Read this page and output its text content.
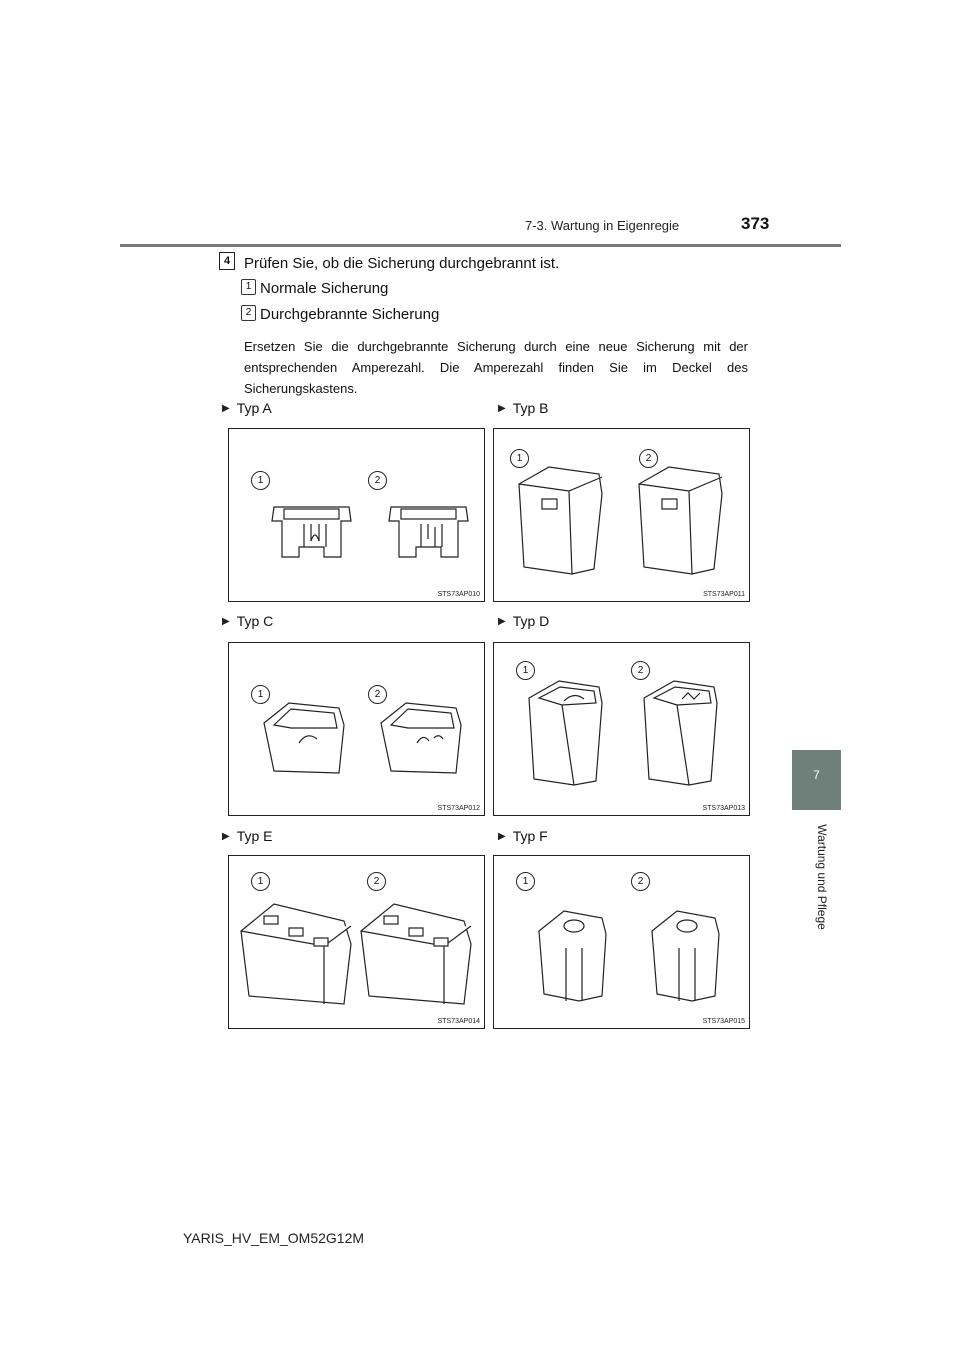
7-3. Wartung in Eigenregie	373
7
Wartung und Pflege
4 Prüfen Sie, ob die Sicherung durchgebrannt ist.
1 Normale Sicherung
2 Durchgebrannte Sicherung
Ersetzen Sie die durchgebrannte Sicherung durch eine neue Sicherung mit der entsprechenden Amperezahl. Die Amperezahl finden Sie im Deckel des Sicherungskastens.
▶ Typ A	▶ Typ B
▶ Typ C	▶ Typ D
▶ Typ E	▶ Typ F
1	2
STS73AP010
1	2
STS73AP011
1	2
STS73AP012
1	2
STS73AP013
1	2
STS73AP014
1	2
STS73AP015
YARIS_HV_EM_OM52G12M
